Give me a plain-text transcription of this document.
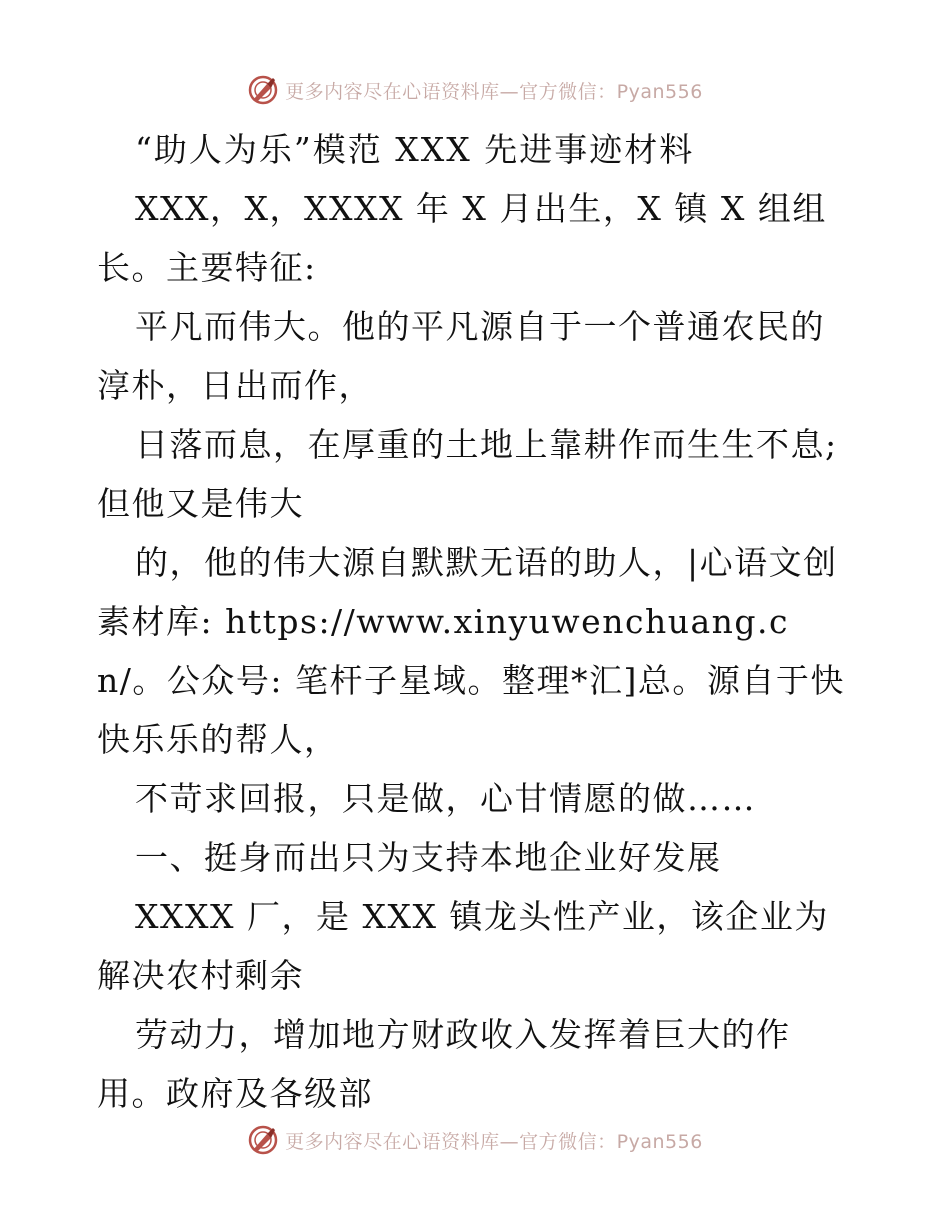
更多内容尽在心语资料库—官方微信：Pyan556

“助人为乐”模范 XXX 先进事迹材料

XXX，X，XXXX 年 X 月出生，X 镇 X 组组长。主要特征:

平凡而伟大。他的平凡源自于一个普通农民的淳朴，日出而作，

日落而息，在厚重的土地上靠耕作而生生不息;但他又是伟大

的，他的伟大源自默默无语的助人，|心语文创素材库: https://www.xinyuwenchuang.cn/。公众号: 笔杆子星域。整理*汇]总。源自于快快乐乐的帮人，

不苛求回报，只是做，心甘情愿的做……

一、挺身而出只为支持本地企业好发展

XXXX 厂，是 XXX 镇龙头性产业，该企业为解决农村剩余

劳动力，增加地方财政收入发挥着巨大的作用。政府及各级部

更多内容尽在心语资料库—官方微信：Pyan556
